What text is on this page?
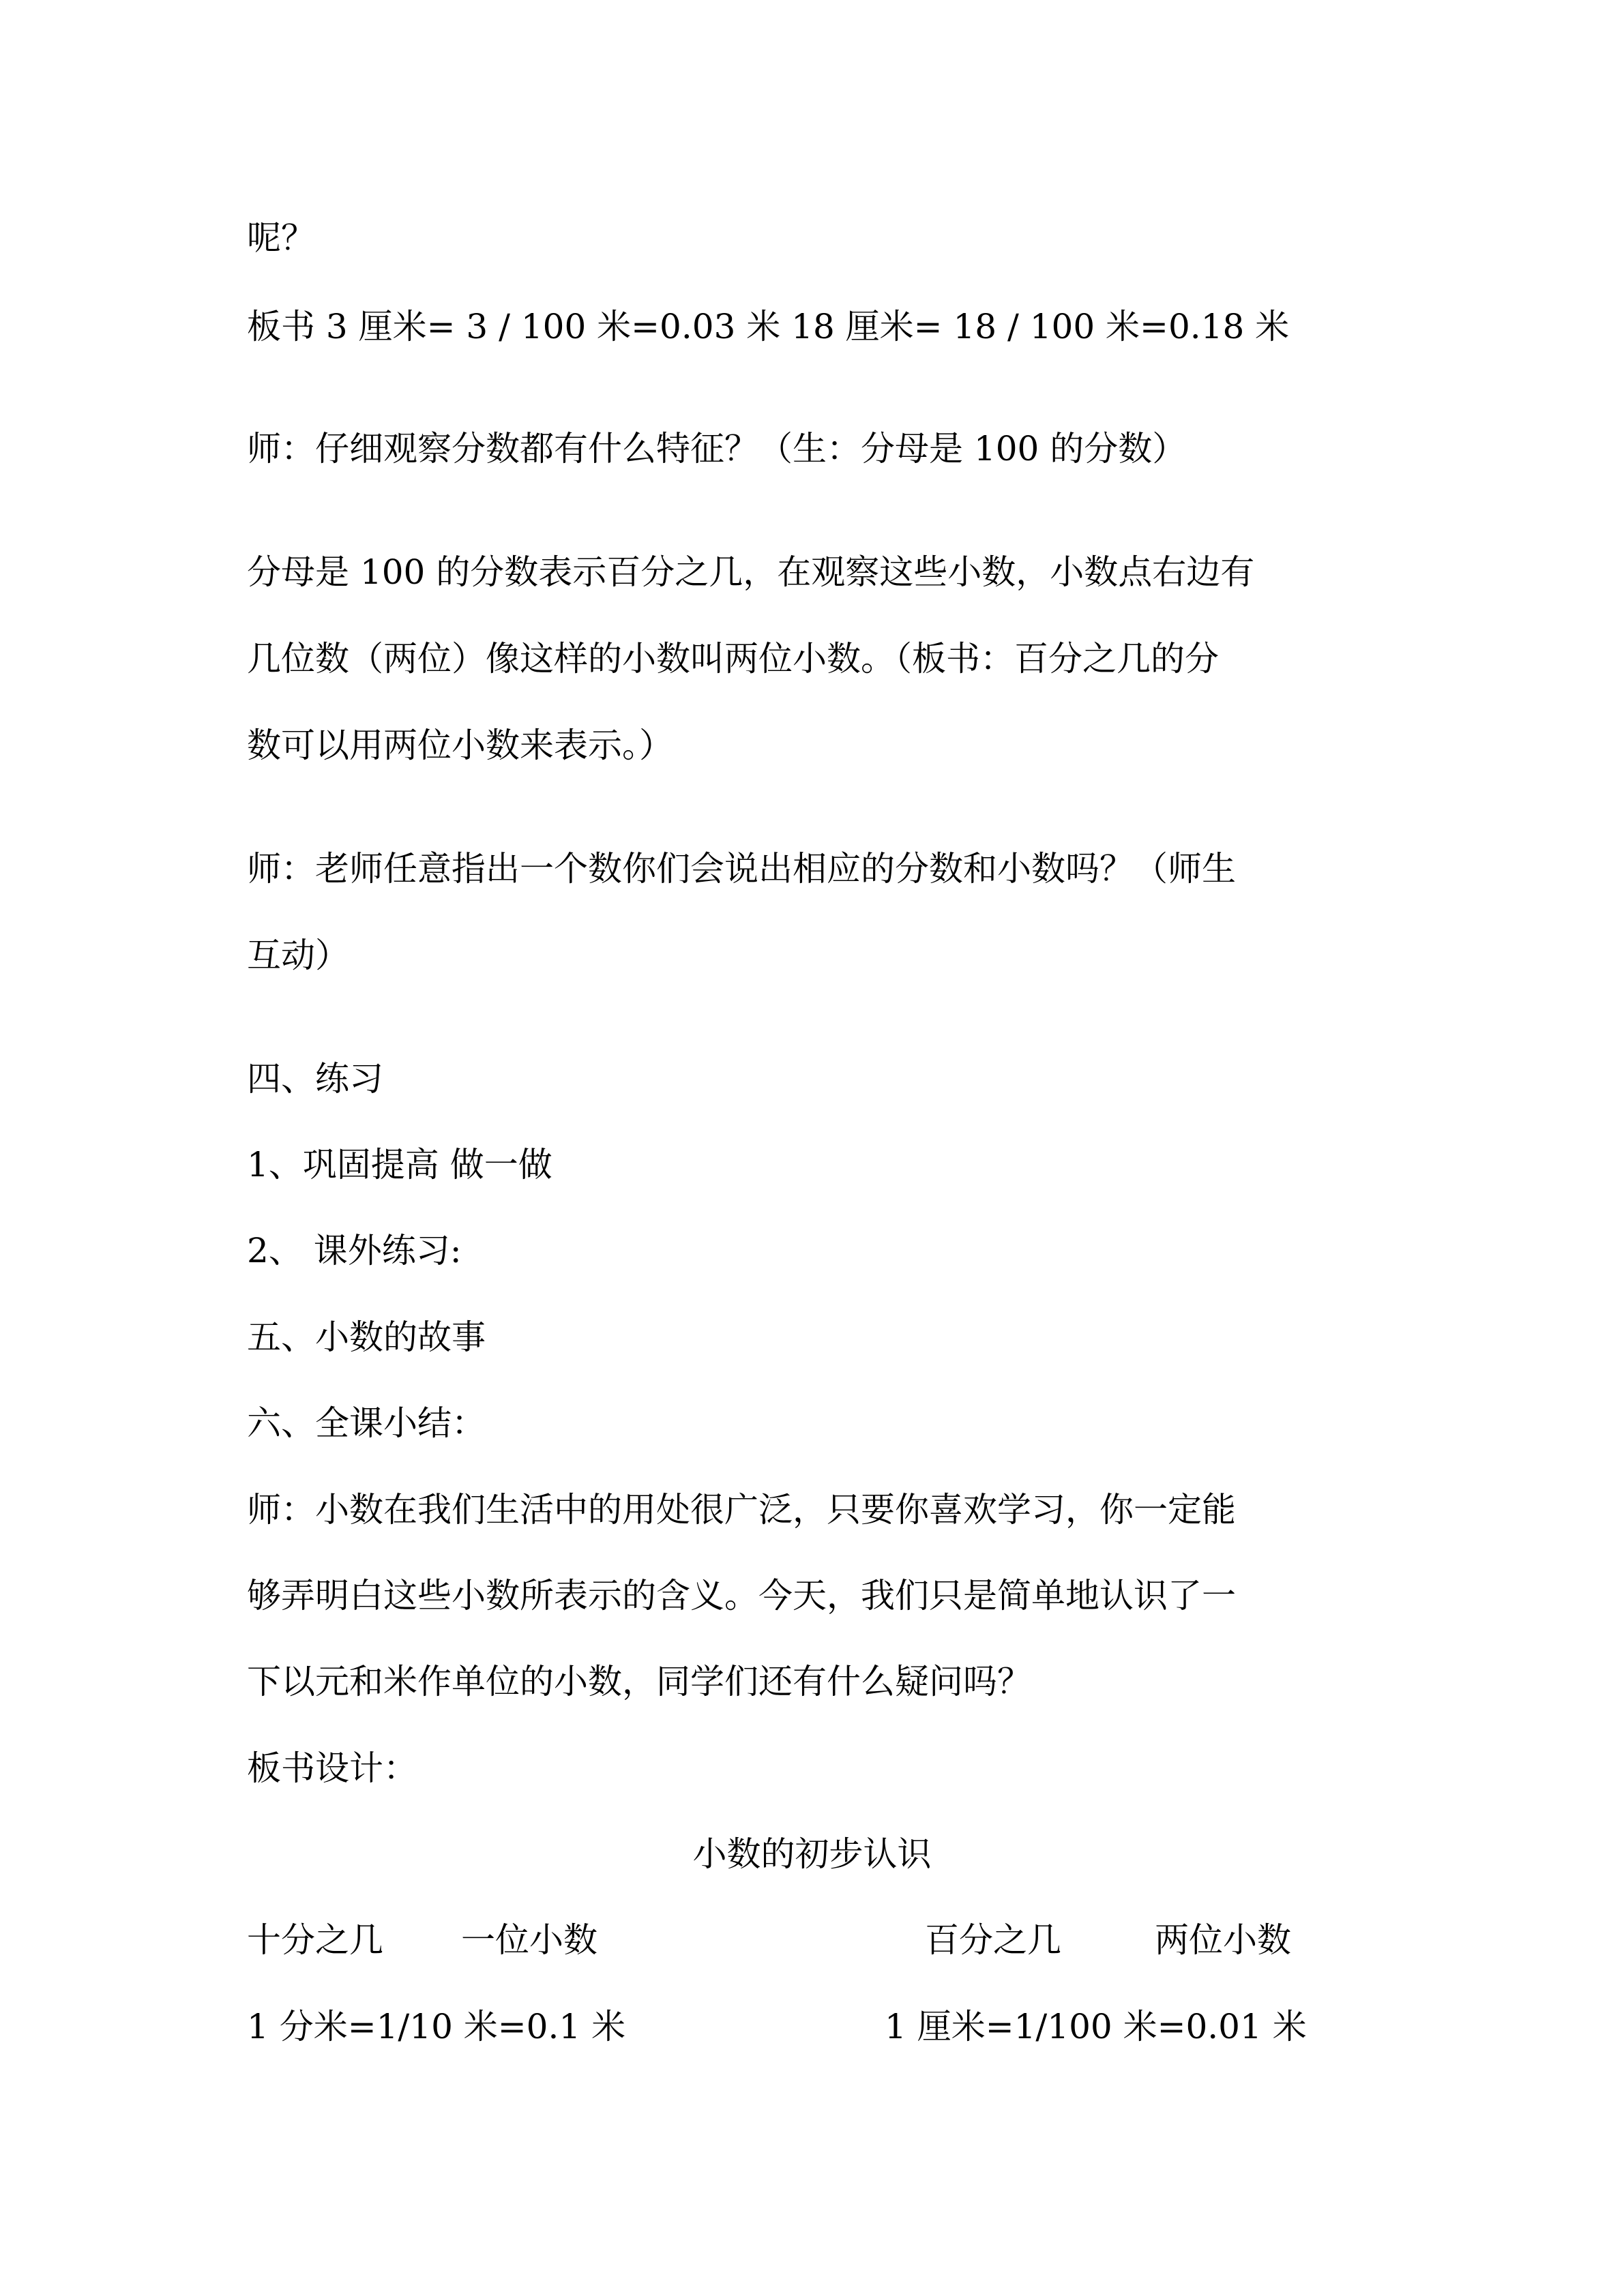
呢？

板书 3 厘米= 3 / 100 米=0.03 米 18 厘米= 18 / 100 米=0.18 米

师：仔细观察分数都有什么特征？（生：分母是 100 的分数）

分母是 100 的分数表示百分之几，在观察这些小数，小数点右边有

几位数（两位）像这样的小数叫两位小数。（板书：百分之几的分

数可以用两位小数来表示。）

师：老师任意指出一个数你们会说出相应的分数和小数吗？（师生

互动）

四、练习

1、巩固提高 做一做

2、 课外练习:

五、小数的故事

六、全课小结：

师：小数在我们生活中的用处很广泛，只要你喜欢学习，你一定能

够弄明白这些小数所表示的含义。今天，我们只是简单地认识了一

下以元和米作单位的小数，同学们还有什么疑问吗？

板书设计：

小数的初步认识

十分之几 一位小数	百分之几	两位小数
1 分米=1/10 米=0.1 米	1 厘米=1/100 米=0.01 米
